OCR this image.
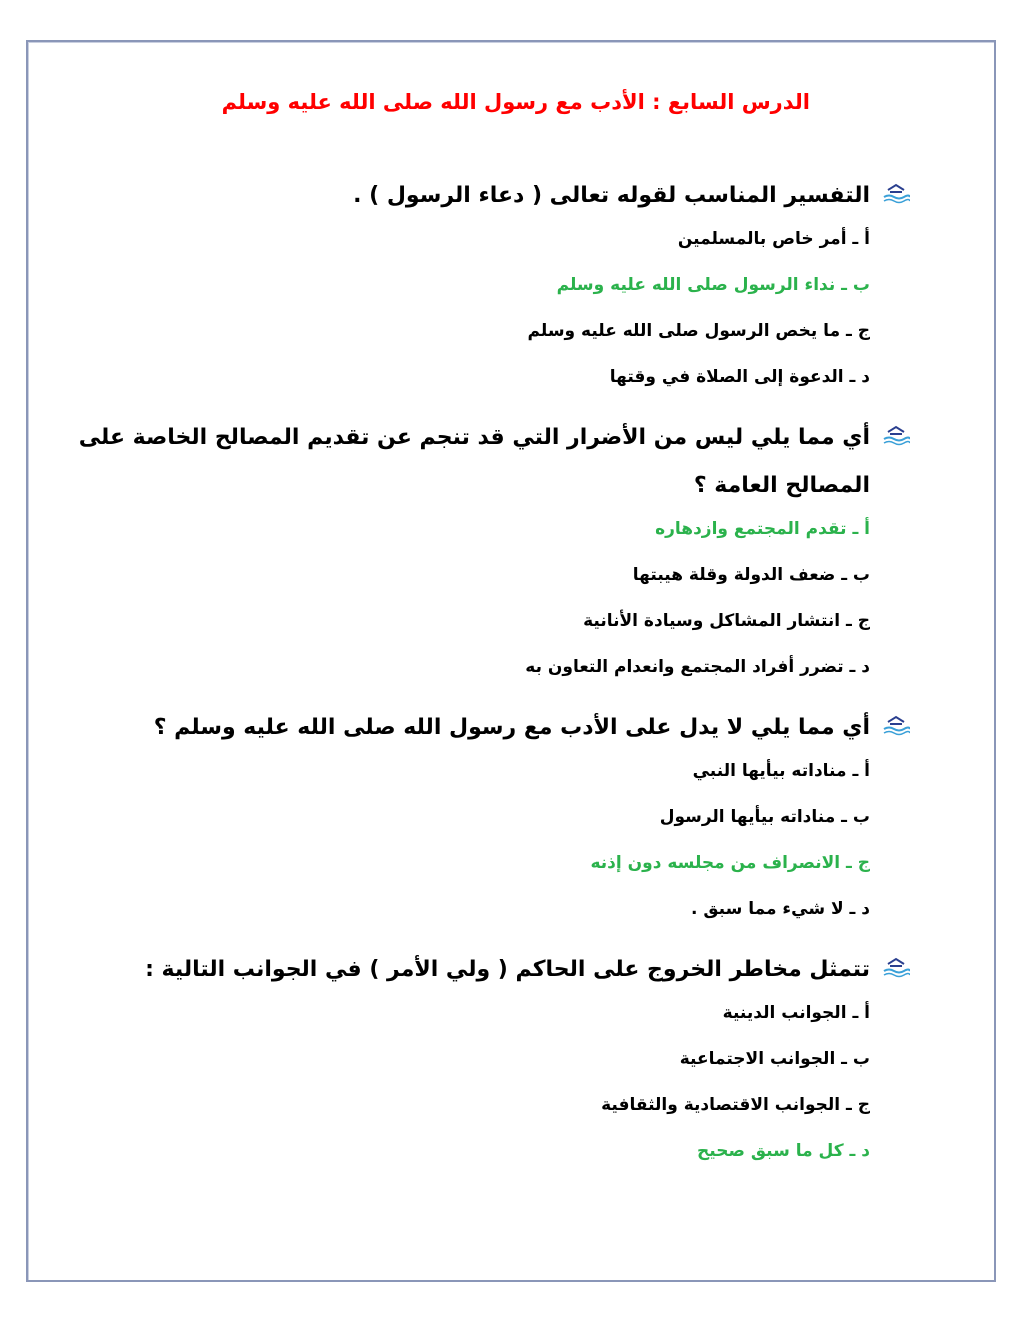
الدرس السابع : الأدب مع رسول الله صلى الله عليه وسلم
التفسير المناسب لقوله تعالى ( دعاء الرسول ) .
أ ـ أمر خاص بالمسلمين
ب ـ نداء الرسول صلى الله عليه وسلم
ج ـ ما يخص الرسول صلى الله عليه وسلم
د ـ الدعوة إلى الصلاة في وقتها
أي مما يلي ليس من الأضرار التي قد تنجم عن تقديم المصالح الخاصة على المصالح العامة ؟
أ ـ تقدم المجتمع وازدهاره
ب ـ ضعف الدولة وقلة هيبتها
ج ـ انتشار المشاكل وسيادة الأنانية
د ـ تضرر أفراد المجتمع وانعدام التعاون به
أي مما يلي لا يدل على الأدب مع رسول الله صلى الله عليه وسلم ؟
أ ـ مناداته بيأيها النبي
ب ـ مناداته بيأيها الرسول
ج ـ الانصراف من مجلسه دون إذنه
د ـ لا شيء مما سبق .
تتمثل مخاطر الخروج على الحاكم ( ولي الأمر ) في الجوانب التالية :
أ ـ الجوانب الدينية
ب ـ الجوانب الاجتماعية
ج ـ الجوانب الاقتصادية والثقافية
د ـ كل ما سبق صحيح
